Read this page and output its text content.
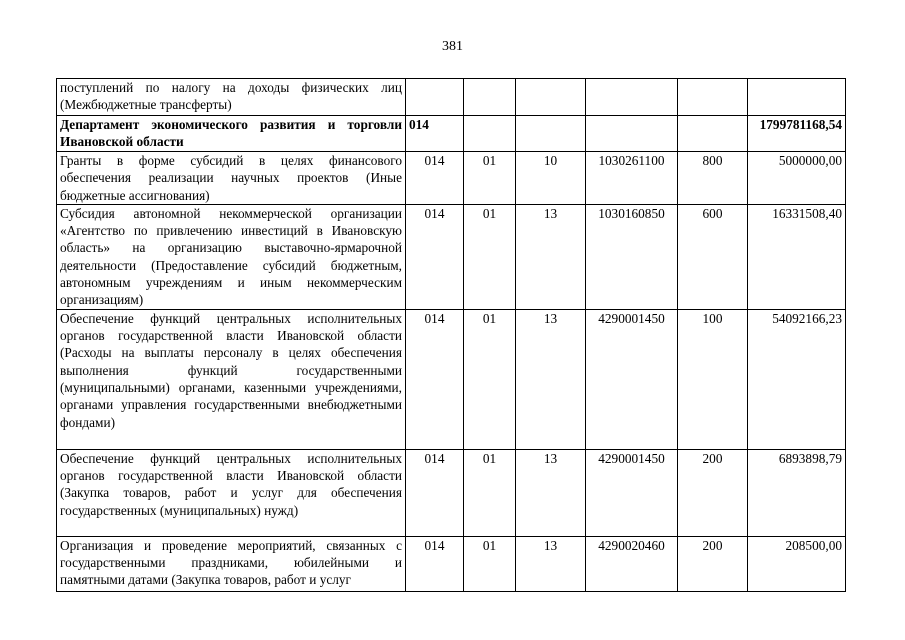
381
поступлений по налогу на доходы физических лиц (Межбюджетные трансферты)						
Департамент экономического развития и торговли Ивановской области	014					1799781168,54
Гранты в форме субсидий в целях финансового обеспечения реализации научных проектов (Иные бюджетные ассигнования)	014	01	10	1030261100	800	5000000,00
Субсидия автономной некоммерческой организации «Агентство по привлечению инвестиций в Ивановскую область» на организацию выставочно-ярмарочной деятельности (Предоставление субсидий бюджетным, автономным учреждениям и иным некоммерческим организациям)	014	01	13	1030160850	600	16331508,40
Обеспечение функций центральных исполнительных органов государственной власти Ивановской области (Расходы на выплаты персоналу в целях обеспечения выполнения функций государственными (муниципальными) органами, казенными учреждениями, органами управления государственными внебюджетными фондами)	014	01	13	4290001450	100	54092166,23
Обеспечение функций центральных исполнительных органов государственной власти Ивановской области (Закупка товаров, работ и услуг для обеспечения государственных (муниципальных) нужд)	014	01	13	4290001450	200	6893898,79
Организация и проведение мероприятий, связанных с государственными праздниками, юбилейными и памятными датами (Закупка товаров, работ и услуг	014	01	13	4290020460	200	208500,00
